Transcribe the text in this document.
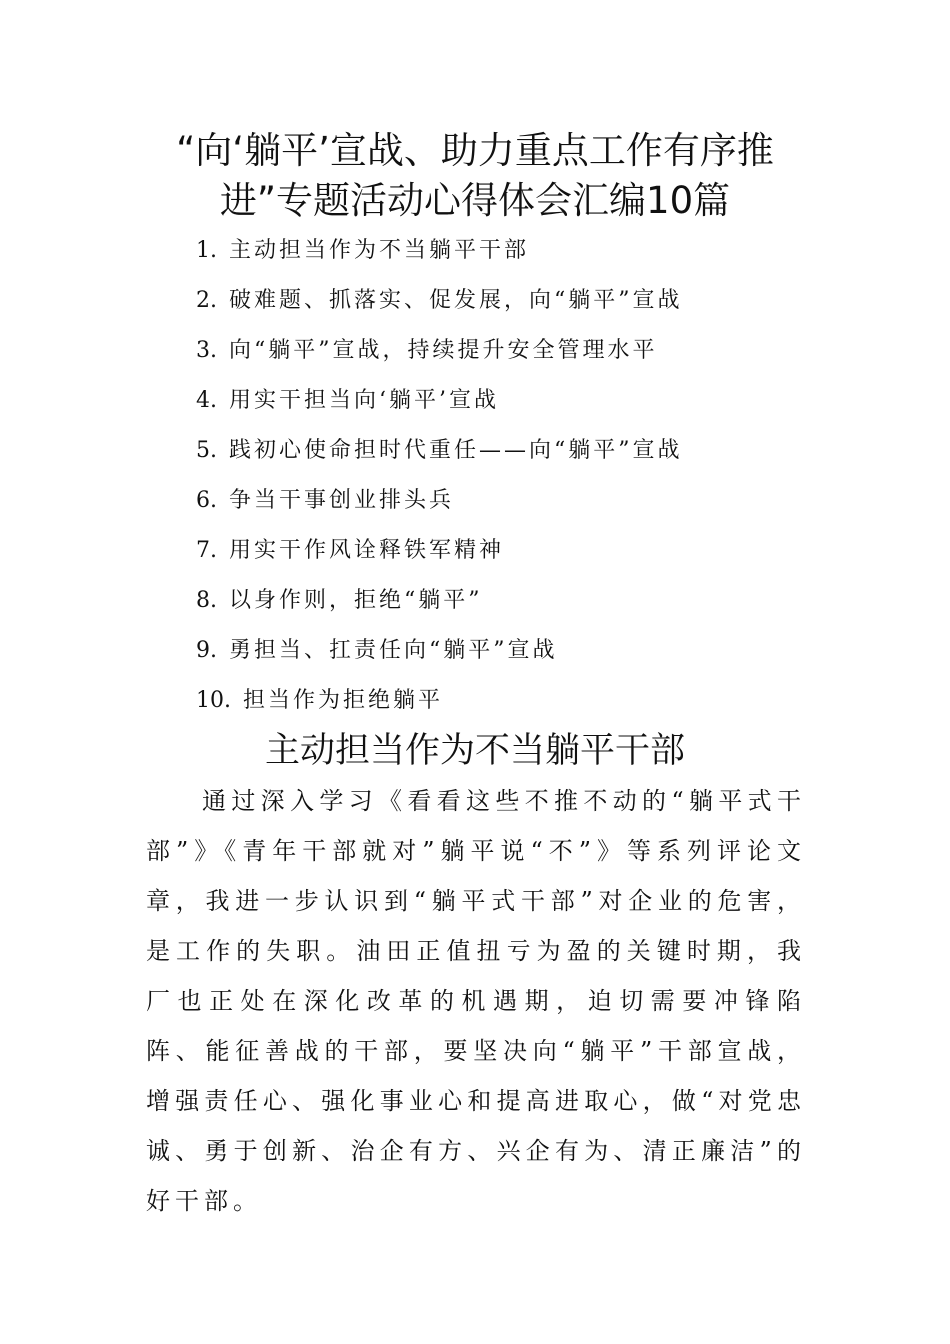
“向‘躺平’宣战、助力重点工作有序推进”专题活动心得体会汇编10篇
1. 主动担当作为不当躺平干部
2. 破难题、抓落实、促发展，向“躺平”宣战
3. 向“躺平”宣战，持续提升安全管理水平
4. 用实干担当向‘躺平’宣战
5. 践初心使命担时代重任——向“躺平”宣战
6. 争当干事创业排头兵
7. 用实干作风诠释铁军精神
8. 以身作则，拒绝“躺平”
9. 勇担当、扛责任向“躺平”宣战
10. 担当作为拒绝躺平
主动担当作为不当躺平干部

通过深入学习《看看这些不推不动的“躺平式干部”》《青年干部就对”躺平说“不”》等系列评论文章，我进一步认识到“躺平式干部”对企业的危害，是工作的失职。油田正值扭亏为盈的关键时期，我厂也正处在深化改革的机遇期，迫切需要冲锋陷阵、能征善战的干部，要坚决向“躺平”干部宣战，增强责任心、强化事业心和提高进取心，做“对党忠诚、勇于创新、治企有方、兴企有为、清正廉洁”的好干部。
